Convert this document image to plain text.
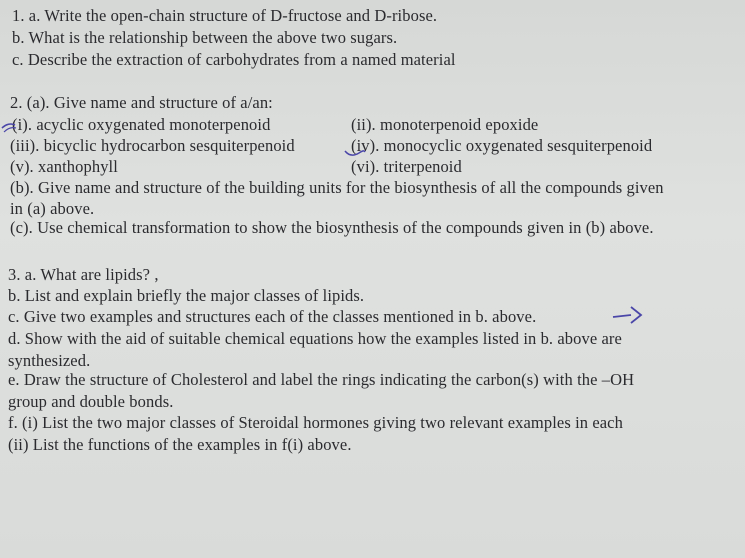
1. a. Write the open-chain structure of D-fructose and D-ribose.
b. What is the relationship between the above two sugars.
c. Describe the extraction of carbohydrates from a named material
2. (a). Give name and structure of a/an:
(i). acyclic oxygenated monoterpenoid	(ii). monoterpenoid epoxide
(iii). bicyclic hydrocarbon sesquiterpenoid	(iv). monocyclic oxygenated sesquiterpenoid
(v). xanthophyll	(vi). triterpenoid
(b). Give name and structure of the building units for the biosynthesis of all the compounds given
in (a) above.
(c). Use chemical transformation to show the biosynthesis of the compounds given in (b) above.
3. a. What are lipids? ,
b. List and explain briefly the major classes of lipids.
c. Give two examples and structures each of the classes mentioned in b. above.
d. Show with the aid of suitable chemical equations how the examples listed in b. above are
synthesized.
e. Draw the structure of Cholesterol and label the rings indicating the carbon(s) with the –OH
group and double bonds.
f. (i) List the two major classes of Steroidal hormones giving two relevant examples in each
(ii) List the functions of the examples in f(i) above.
